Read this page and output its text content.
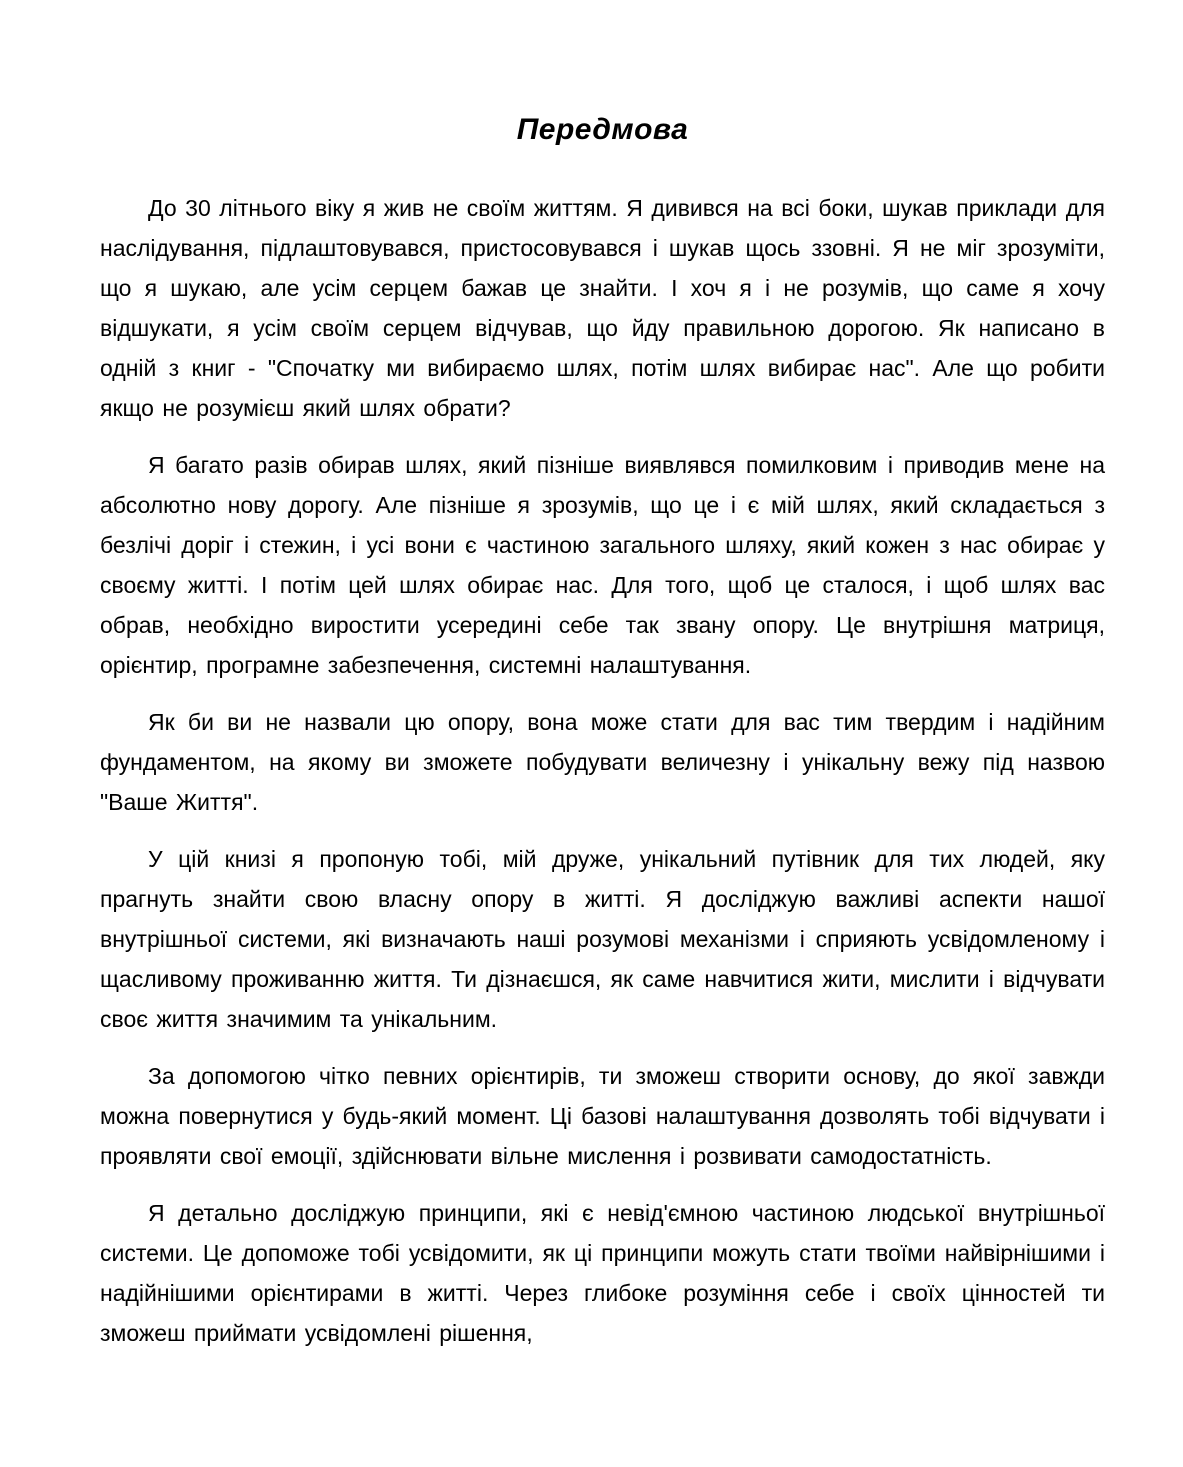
Передмова

До 30 літнього віку я жив не своїм життям. Я дивився на всі боки, шукав приклади для наслідування, підлаштовувався, пристосовувався і шукав щось ззовні. Я не міг зрозуміти, що я шукаю, але усім серцем бажав це знайти. І хоч я і не розумів, що саме я хочу відшукати, я усім своїм серцем відчував, що йду правильною дорогою. Як написано в одній з книг - "Спочатку ми вибираємо шлях, потім шлях вибирає нас". Але що робити якщо не розумієш який шлях обрати?

Я багато разів обирав шлях, який пізніше виявлявся помилковим і приводив мене на абсолютно нову дорогу. Але пізніше я зрозумів, що це і є мій шлях, який складається з безлічі доріг і стежин, і усі вони є частиною загального шляху, який кожен з нас обирає у своєму житті. І потім цей шлях обирає нас. Для того, щоб це сталося, і щоб шлях вас обрав, необхідно виростити усередині себе так звану опору. Це внутрішня матриця, орієнтир, програмне забезпечення, системні налаштування.

Як би ви не назвали цю опору, вона може стати для вас тим твердим і надійним фундаментом, на якому ви зможете побудувати величезну і унікальну вежу під назвою "Ваше Життя".

У цій книзі я пропоную тобі, мій друже, унікальний путівник для тих людей, яку прагнуть знайти свою власну опору в житті. Я досліджую важливі аспекти нашої внутрішньої системи, які визначають наші розумові механізми і сприяють усвідомленому і щасливому проживанню життя. Ти дізнаєшся, як саме навчитися жити, мислити і відчувати своє життя значимим та унікальним.

За допомогою чітко певних орієнтирів, ти зможеш створити основу, до якої завжди можна повернутися у будь-який момент. Ці базові налаштування дозволять тобі відчувати і проявляти свої емоції, здійснювати вільне мислення і розвивати самодостатність.

Я детально досліджую принципи, які є невід'ємною частиною людської внутрішньої системи. Це допоможе тобі усвідомити, як ці принципи можуть стати твоїми найвірнішими і надійнішими орієнтирами в житті. Через глибоке розуміння себе і своїх цінностей ти зможеш приймати усвідомлені рішення,
